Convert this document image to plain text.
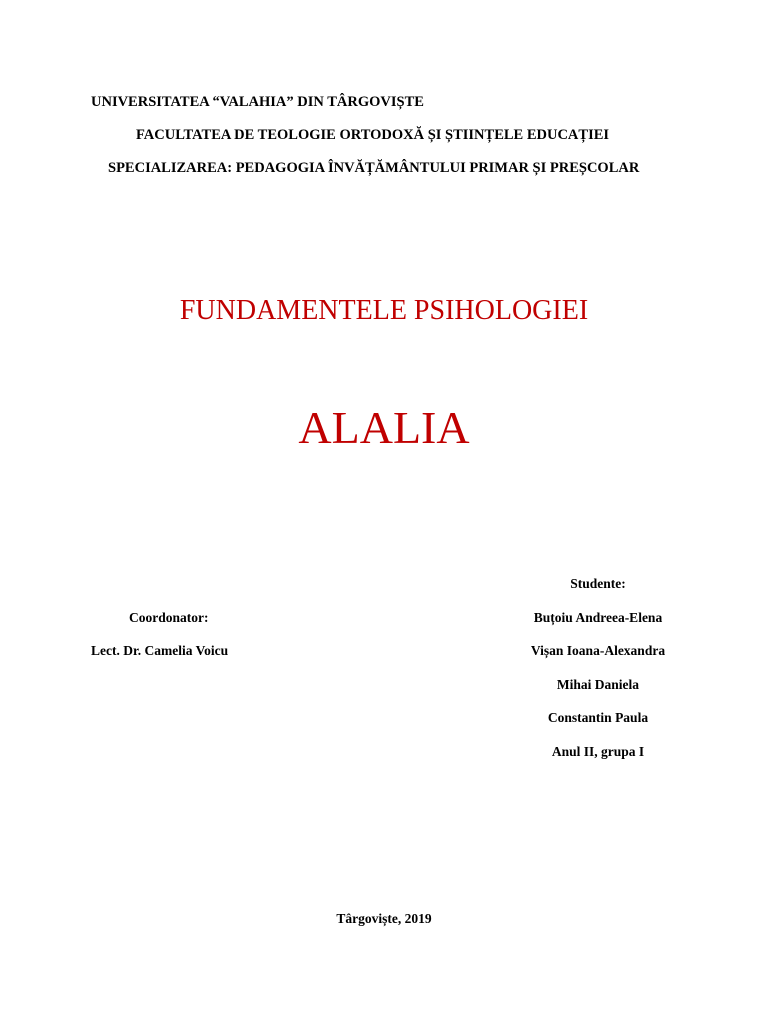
UNIVERSITATEA “VALAHIA” DIN TÂRGOVIȘTE
FACULTATEA DE TEOLOGIE ORTODOXĂ ȘI ȘTIINȚELE EDUCAȚIEI
SPECIALIZAREA: PEDAGOGIA ÎNVĂȚĂMÂNTULUI PRIMAR ȘI PREȘCOLAR
FUNDAMENTELE PSIHOLOGIEI
ALALIA
Coordonator:
Lect. Dr. Camelia Voicu
Studente:
Buțoiu Andreea-Elena
Vișan Ioana-Alexandra
Mihai Daniela
Constantin Paula
Anul II, grupa I
Târgoviște, 2019
